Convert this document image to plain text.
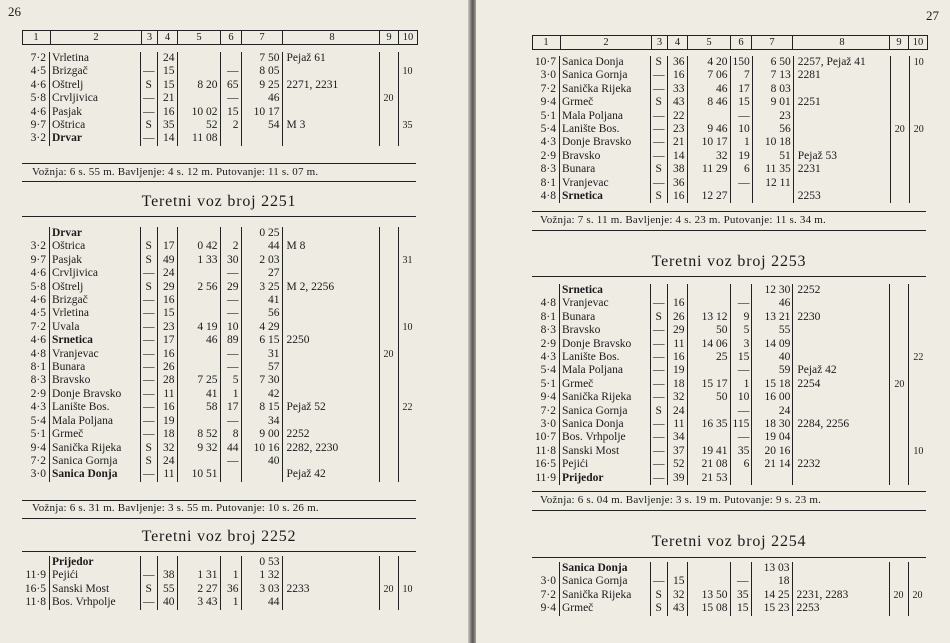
26
1	2	3	4	5	6	7	8	9	10
7·2	Vrletina		24			7 50	Pejaž 61		
4·5	Brizgač	—	15		—	8 05			10
4·6	Oštrelj	S	15	8 20	65	9 25	2271, 2231		
5·8	Crvljivica	—	21		—	46		20	
4·6	Pasjak	—	16	10 02	15	10 17			
9·7	Oštrica	S	35	52	2	54	M 3		35
3·2	Drvar	—	14	11 08					
Vožnja: 6 s. 55 m. Bavljenje: 4 s. 12 m. Putovanje: 11 s. 07 m.
Teretni voz broj 2251
	Drvar					0 25			
3·2	Oštrica	S	17	0 42	2	44	M 8		
9·7	Pasjak	S	49	1 33	30	2 03			31
4·6	Crvljivica	—	24		—	27			
5·8	Oštrelj	S	29	2 56	29	3 25	M 2, 2256		
4·6	Brizgač	—	16		—	41			
4·5	Vrletina	—	15		—	56			
7·2	Uvala	—	23	4 19	10	4 29			10
4·6	Srnetica	—	17	46	89	6 15	2250		
4·8	Vranjevac	—	16		—	31		20	
8·1	Bunara	—	26		—	57			
8·3	Bravsko	—	28	7 25	5	7 30			
2·9	Donje Bravsko	—	11	41	1	42			
4·3	Lanište Bos.	—	16	58	17	8 15	Pejaž 52		22
5·4	Mala Poljana	—	19		—	34			
5·1	Grmeč	—	18	8 52	8	9 00	2252		
9·4	Sanička Rijeka	S	32	9 32	44	10 16	2282, 2230		
7·2	Sanica Gornja	S	24		—	40			
3·0	Sanica Donja	—	11	10 51			Pejaž 42		
Vožnja: 6 s. 31 m. Bavljenje: 3 s. 55 m. Putovanje: 10 s. 26 m.
Teretni voz broj 2252
	Prijedor					0 53			
11·9	Pejići	—	38	1 31	1	1 32			
16·5	Sanski Most	S	55	2 27	36	3 03	2233	20	10
11·8	Bos. Vrhpolje	—	40	3 43	1	44			
27
1	2	3	4	5	6	7	8	9	10
10·7	Sanica Donja	S	36	4 20	150	6 50	2257, Pejaž 41		10
3·0	Sanica Gornja	—	16	7 06	7	7 13	2281		
7·2	Sanička Rijeka	—	33	46	17	8 03			
9·4	Grmeč	S	43	8 46	15	9 01	2251		
5·1	Mala Poljana	—	22		—	23			
5·4	Lanište Bos.	—	23	9 46	10	56		20	20
4·3	Donje Bravsko	—	21	10 17	1	10 18			
2·9	Bravsko	—	14	32	19	51	Pejaž 53		
8·3	Bunara	S	38	11 29	6	11 35	2231		
8·1	Vranjevac	—	36		—	12 11			
4·8	Srnetica	S	16	12 27			2253		
Vožnja: 7 s. 11 m. Bavljenje: 4 s. 23 m. Putovanje: 11 s. 34 m.
Teretni voz broj 2253
	Srnetica					12 30	2252		
4·8	Vranjevac	—	16		—	46			
8·1	Bunara	S	26	13 12	9	13 21	2230		
8·3	Bravsko	—	29	50	5	55			
2·9	Donje Bravsko	—	11	14 06	3	14 09			
4·3	Lanište Bos.	—	16	25	15	40			22
5·4	Mala Poljana	—	19		—	59	Pejaž 42		
5·1	Grmeč	—	18	15 17	1	15 18	2254	20	
9·4	Sanička Rijeka	—	32	50	10	16 00			
7·2	Sanica Gornja	S	24		—	24			
3·0	Sanica Donja	—	11	16 35	115	18 30	2284, 2256		
10·7	Bos. Vrhpolje	—	34		—	19 04			
11·8	Sanski Most	—	37	19 41	35	20 16			10
16·5	Pejići	—	52	21 08	6	21 14	2232		
11·9	Prijedor	—	39	21 53					
Vožnja: 6 s. 04 m. Bavljenje: 3 s. 19 m. Putovanje: 9 s. 23 m.
Teretni voz broj 2254
	Sanica Donja					13 03			
3·0	Sanica Gornja	—	15		—	18			
7·2	Sanička Rijeka	S	32	13 50	35	14 25	2231, 2283	20	20
9·4	Grmeč	S	43	15 08	15	15 23	2253		
